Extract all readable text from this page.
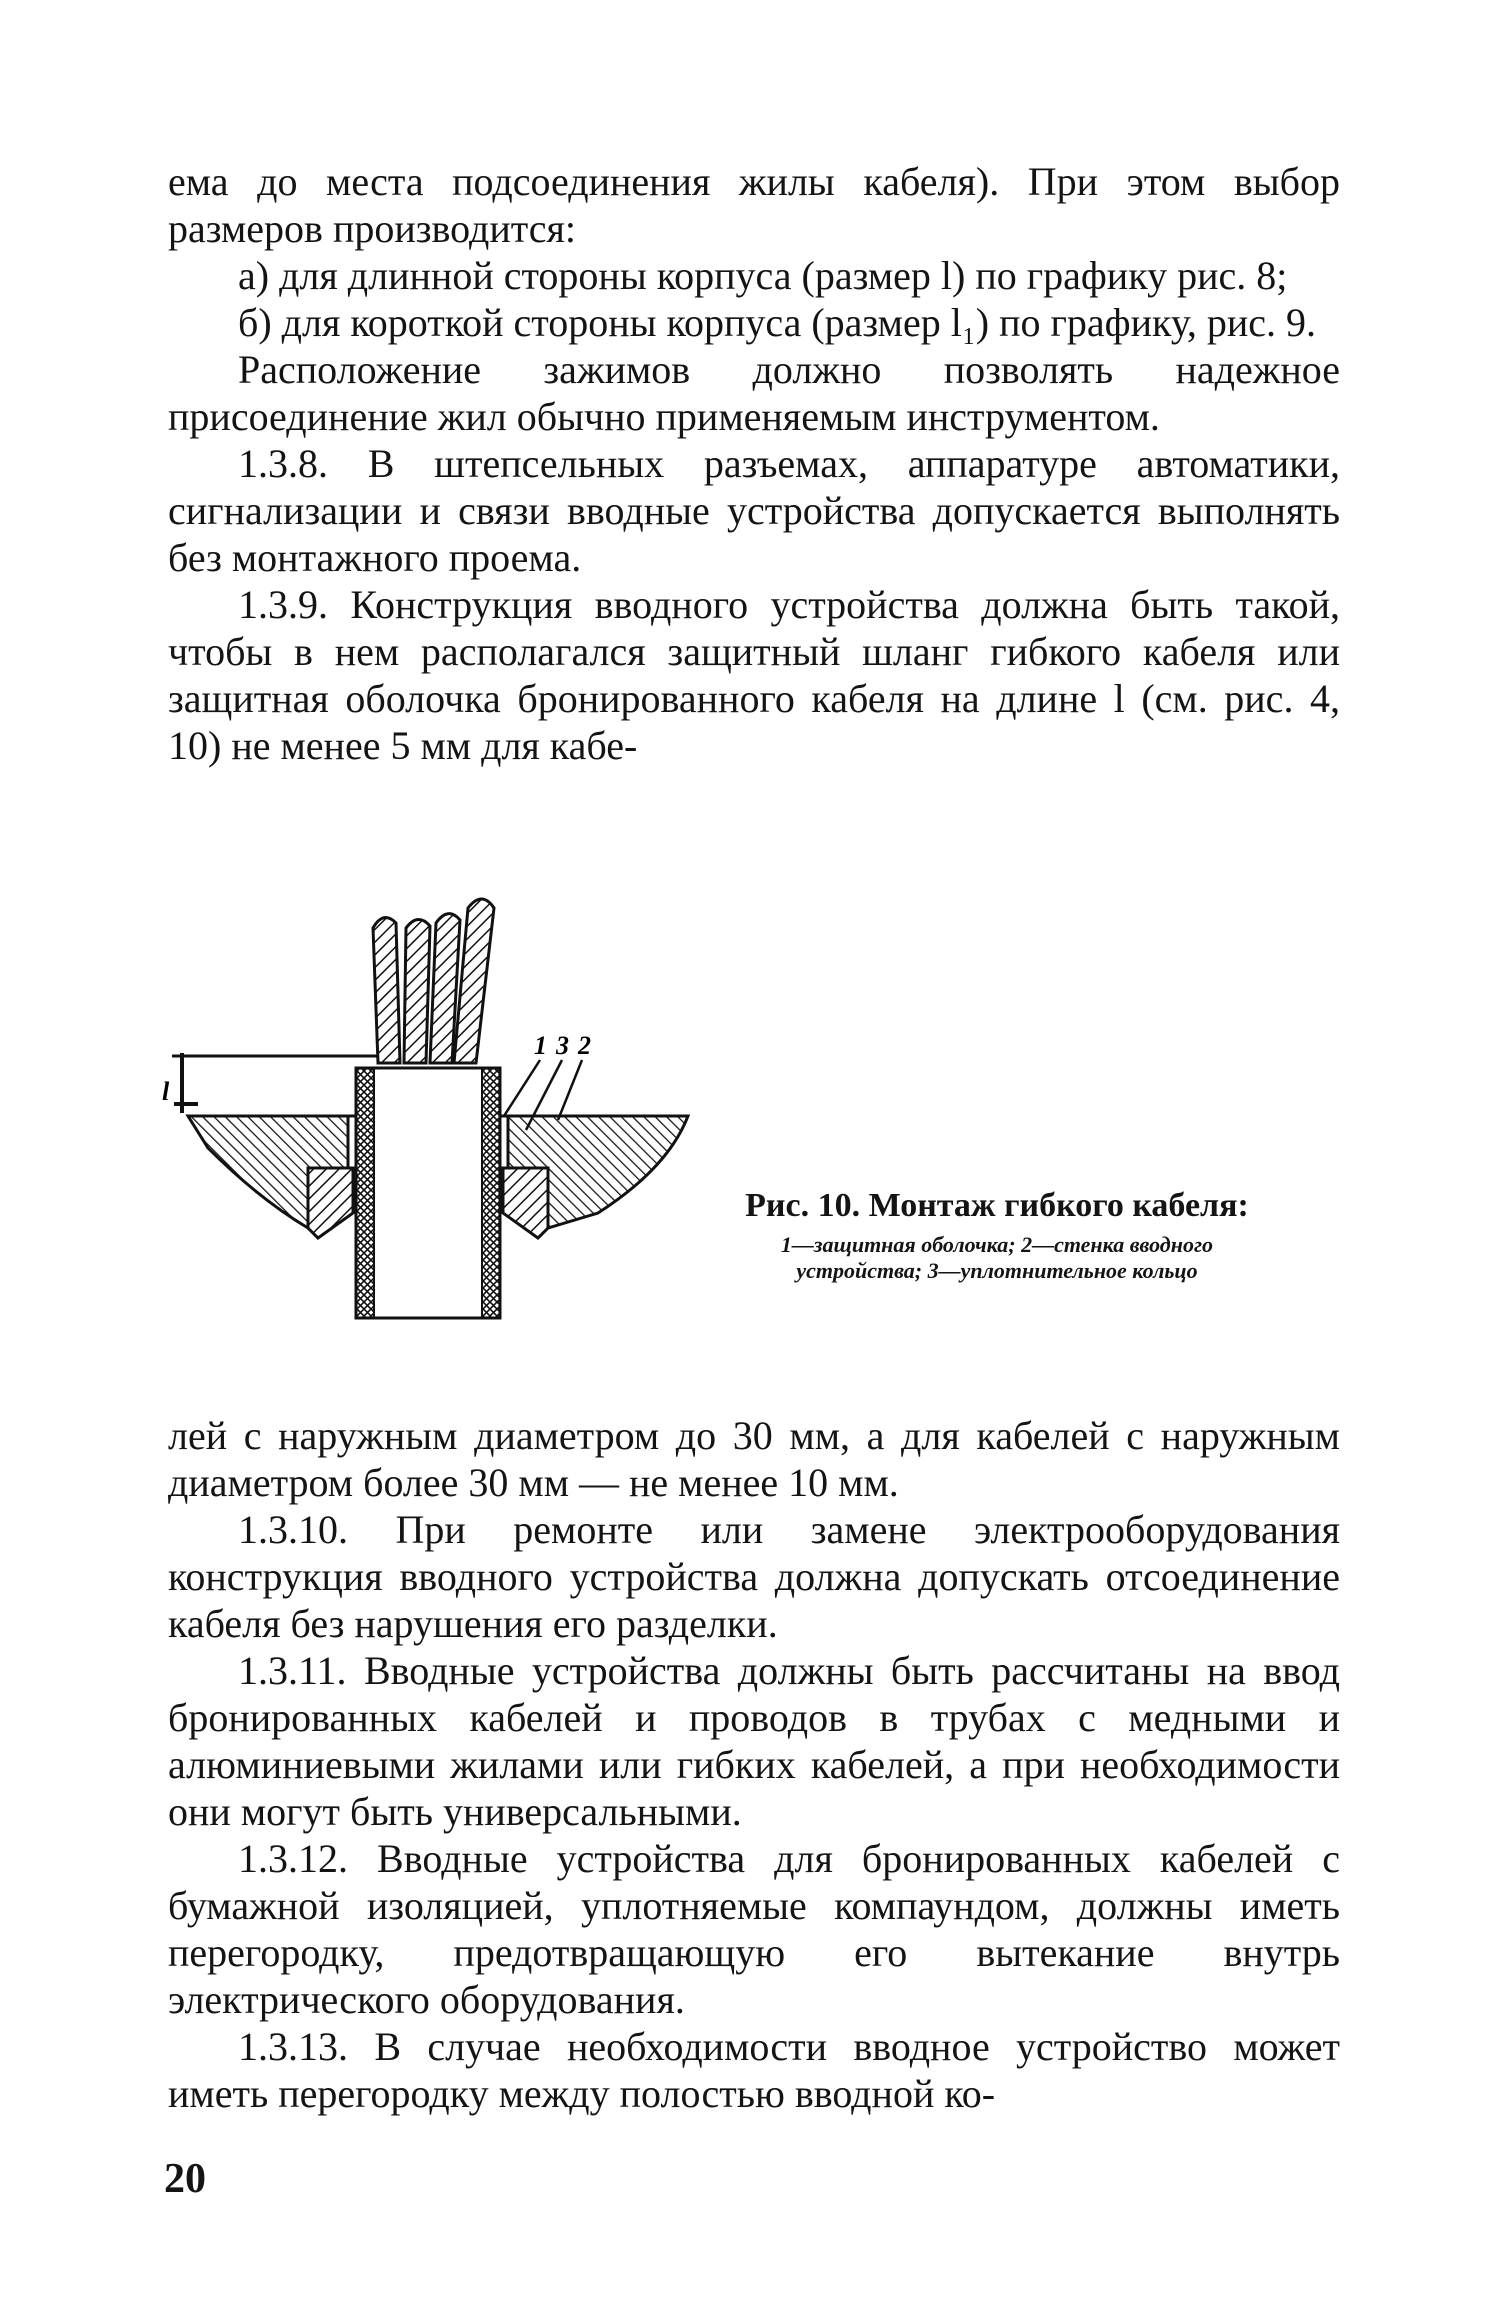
ема до места подсоединения жилы кабеля). При этом выбор размеров производится:

а) для длинной стороны корпуса (размер l) по графику рис. 8;

б) для короткой стороны корпуса (размер l₁) по графику, рис. 9.

Расположение зажимов должно позволять надежное присоединение жил обычно применяемым инструментом.

1.3.8. В штепсельных разъемах, аппаратуре автоматики, сигнализации и связи вводные устройства допускается выполнять без монтажного проема.

1.3.9. Конструкция вводного устройства должна быть такой, чтобы в нем располагался защитный шланг гибкого кабеля или защитная оболочка бронированного кабеля на длине l (см. рис. 4, 10) не менее 5 мм для кабе-

l
1 3 2

Рис. 10. Монтаж гибкого кабеля:

1—защитная оболочка; 2—стенка вводного устройства; 3—уплотнительное кольцо

лей с наружным диаметром до 30 мм, а для кабелей с наружным диаметром более 30 мм — не менее 10 мм.

1.3.10. При ремонте или замене электрооборудования конструкция вводного устройства должна допускать отсоединение кабеля без нарушения его разделки.

1.3.11. Вводные устройства должны быть рассчитаны на ввод бронированных кабелей и проводов в трубах с медными и алюминиевыми жилами или гибких кабелей, а при необходимости они могут быть универсальными.

1.3.12. Вводные устройства для бронированных кабелей с бумажной изоляцией, уплотняемые компаундом, должны иметь перегородку, предотвращающую его вытекание внутрь электрического оборудования.

1.3.13. В случае необходимости вводное устройство может иметь перегородку между полостью вводной ко-

20
